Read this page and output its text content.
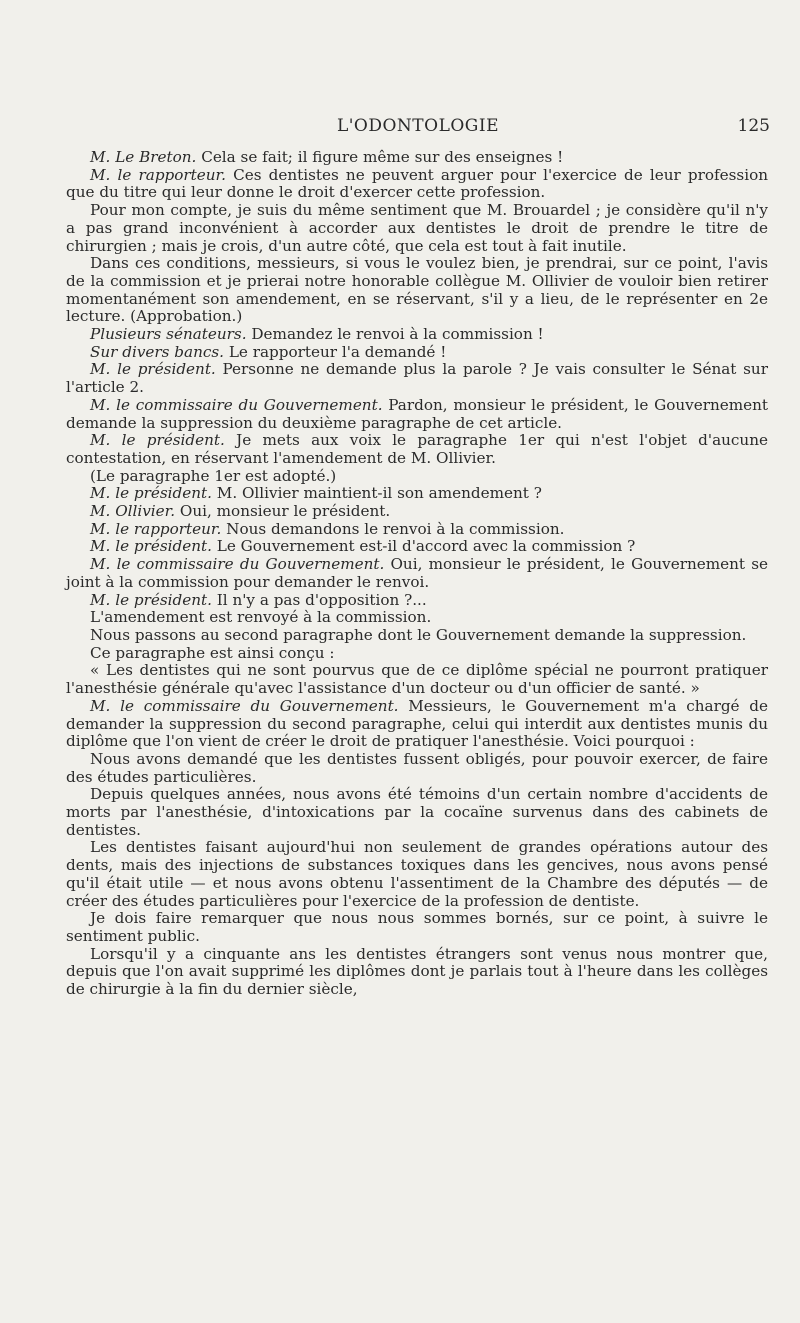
L'ODONTOLOGIE	125

M. Le Breton. Cela se fait; il figure même sur des enseignes !

M. le rapporteur. Ces dentistes ne peuvent arguer pour l'exercice de leur profession que du titre qui leur donne le droit d'exercer cette profession.

Pour mon compte, je suis du même sentiment que M. Brouardel ; je considère qu'il n'y a pas grand inconvénient à accorder aux dentistes le droit de prendre le titre de chirurgien ; mais je crois, d'un autre côté, que cela est tout à fait inutile.

Dans ces conditions, messieurs, si vous le voulez bien, je prendrai, sur ce point, l'avis de la commission et je prierai notre honorable collègue M. Ollivier de vouloir bien retirer momentanément son amendement, en se réservant, s'il y a lieu, de le représenter en 2e lecture. (Approbation.)

Plusieurs sénateurs. Demandez le renvoi à la commission !

Sur divers bancs. Le rapporteur l'a demandé !

M. le président. Personne ne demande plus la parole ? Je vais consulter le Sénat sur l'article 2.

M. le commissaire du Gouvernement. Pardon, monsieur le président, le Gouvernement demande la suppression du deuxième paragraphe de cet article.

M. le président. Je mets aux voix le paragraphe 1er qui n'est l'objet d'aucune contestation, en réservant l'amendement de M. Ollivier.

(Le paragraphe 1er est adopté.)

M. le président. M. Ollivier maintient-il son amendement ?

M. Ollivier. Oui, monsieur le président.

M. le rapporteur. Nous demandons le renvoi à la commission.

M. le président. Le Gouvernement est-il d'accord avec la commission ?

M. le commissaire du Gouvernement. Oui, monsieur le président, le Gouvernement se joint à la commission pour demander le renvoi.

M. le président. Il n'y a pas d'opposition ?...

L'amendement est renvoyé à la commission.

Nous passons au second paragraphe dont le Gouvernement demande la suppression.

Ce paragraphe est ainsi conçu :

« Les dentistes qui ne sont pourvus que de ce diplôme spécial ne pourront pratiquer l'anesthésie générale qu'avec l'assistance d'un docteur ou d'un officier de santé. »

M. le commissaire du Gouvernement. Messieurs, le Gouvernement m'a chargé de demander la suppression du second paragraphe, celui qui interdit aux dentistes munis du diplôme que l'on vient de créer le droit de pratiquer l'anesthésie. Voici pourquoi :

Nous avons demandé que les dentistes fussent obligés, pour pouvoir exercer, de faire des études particulières.

Depuis quelques années, nous avons été témoins d'un certain nombre d'accidents de morts par l'anesthésie, d'intoxications par la cocaïne survenus dans des cabinets de dentistes.

Les dentistes faisant aujourd'hui non seulement de grandes opérations autour des dents, mais des injections de substances toxiques dans les gencives, nous avons pensé qu'il était utile — et nous avons obtenu l'assentiment de la Chambre des députés — de créer des études particulières pour l'exercice de la profession de dentiste.

Je dois faire remarquer que nous nous sommes bornés, sur ce point, à suivre le sentiment public.

Lorsqu'il y a cinquante ans les dentistes étrangers sont venus nous montrer que, depuis que l'on avait supprimé les diplômes dont je parlais tout à l'heure dans les collèges de chirurgie à la fin du dernier siècle,
